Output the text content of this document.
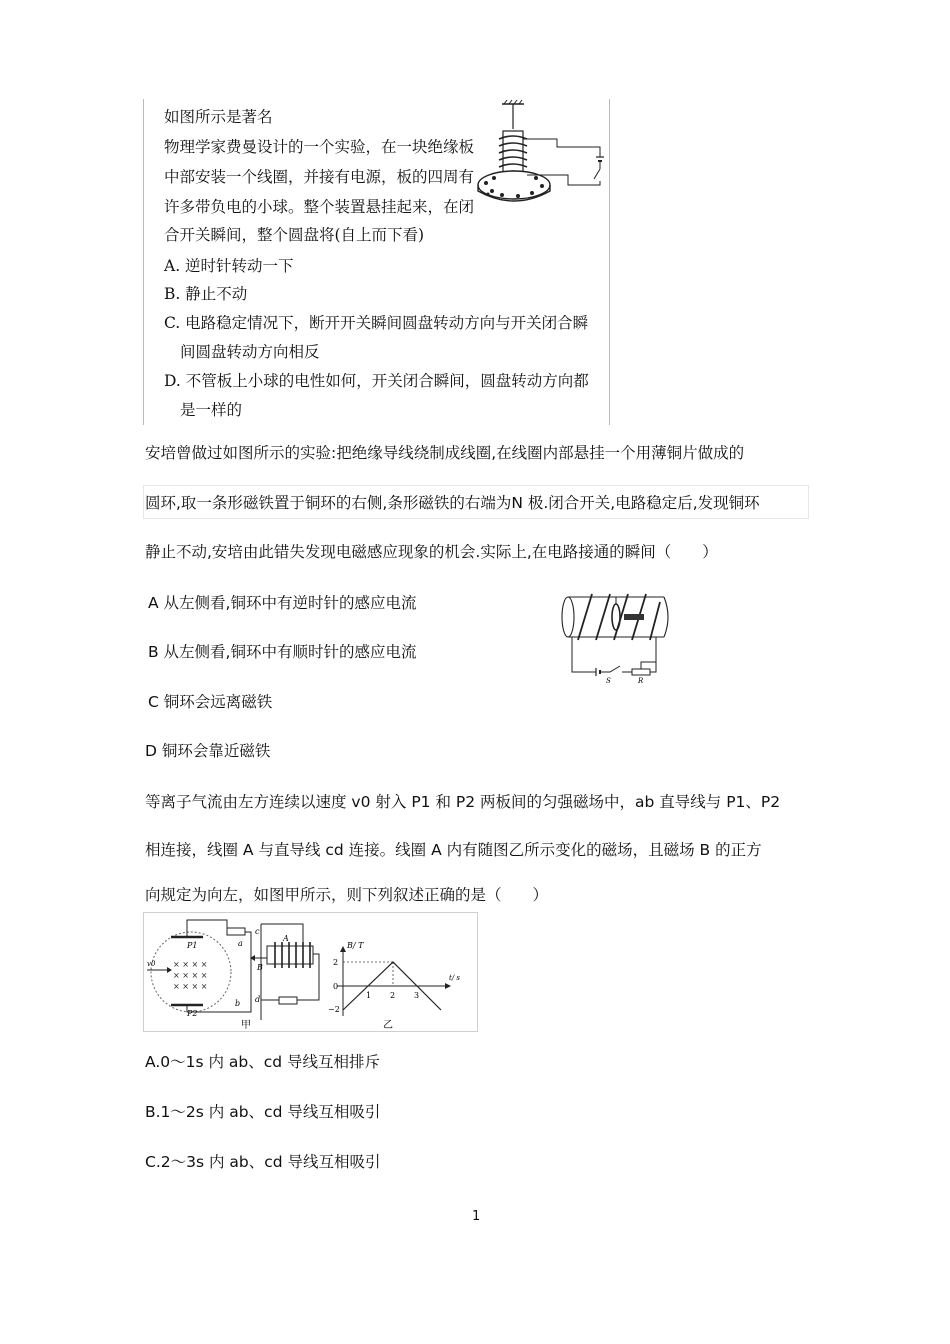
如图所示是著名
物理学家费曼设计的一个实验，在一块绝缘板
中部安装一个线圈，并接有电源，板的四周有
许多带负电的小球。整个装置悬挂起来，在闭
合开关瞬间，整个圆盘将(自上而下看)
A. 逆时针转动一下
B. 静止不动
C. 电路稳定情况下，断开开关瞬间圆盘转动方向与开关闭合瞬
间圆盘转动方向相反
D. 不管板上小球的电性如何，开关闭合瞬间，圆盘转动方向都
是一样的
安培曾做过如图所示的实验:把绝缘导线绕制成线圈,在线圈内部悬挂一个用薄铜片做成的
圆环,取一条形磁铁置于铜环的右侧,条形磁铁的右端为N 极.闭合开关,电路稳定后,发现铜环
静止不动,安培由此错失发现电磁感应现象的机会.实际上,在电路接通的瞬间（　　）
A 从左侧看,铜环中有逆时针的感应电流
B 从左侧看,铜环中有顺时针的感应电流
C 铜环会远离磁铁
D 铜环会靠近磁铁
S	R
等离子气流由左方连续以速度 v0 射入 P1 和 P2 两板间的匀强磁场中，ab 直导线与 P1、P2
相连接，线圈 A 与直导线 cd 连接。线圈 A 内有随图乙所示变化的磁场，且磁场 B 的正方
向规定为向左，如图甲所示，则下列叙述正确的是（　　）
P1
P2
× × × ×
× × × ×
× × × ×
v0
a
b
c
d
A
B
甲
B/ T
t/ s
2
0
−2
1 2 3
乙
A.0～1s 内 ab、cd 导线互相排斥
B.1～2s 内 ab、cd 导线互相吸引
C.2～3s 内 ab、cd 导线互相吸引
1
